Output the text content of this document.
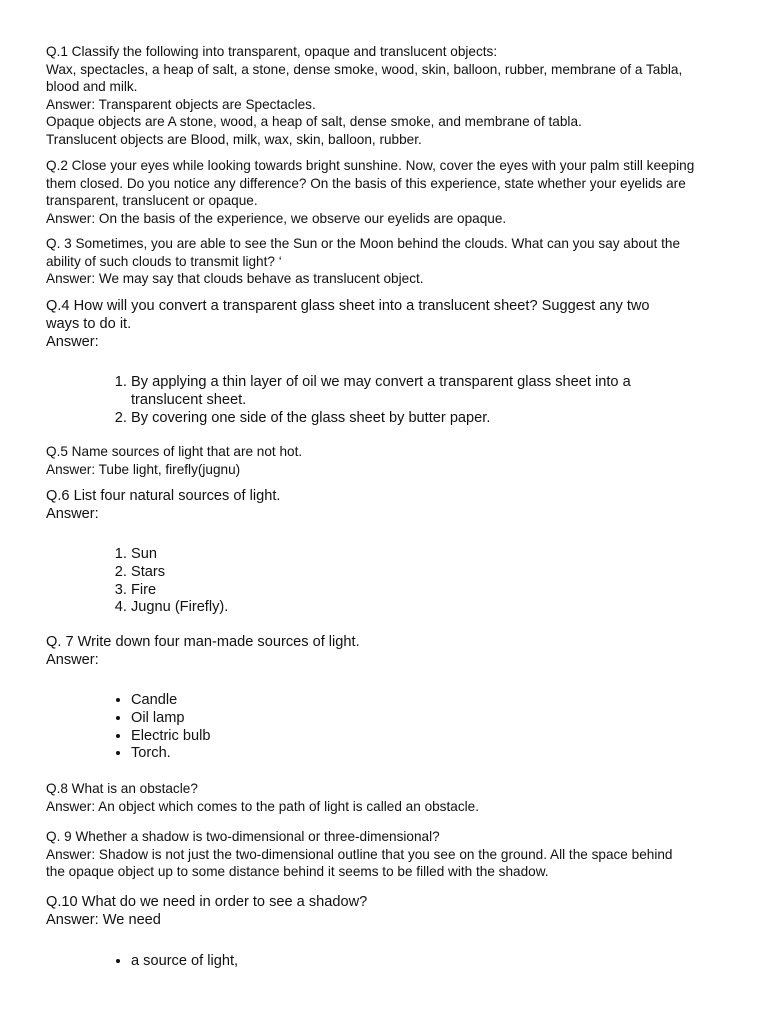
Q.1 Classify the following into transparent, opaque and translucent objects:
Wax, spectacles, a heap of salt, a stone, dense smoke, wood, skin, balloon, rubber, membrane of a Tabla,
blood and milk.
Answer: Transparent objects are Spectacles.
Opaque objects are A stone, wood, a heap of salt, dense smoke, and membrane of tabla.
Translucent objects are Blood, milk, wax, skin, balloon, rubber.
Q.2 Close your eyes while looking towards bright sunshine. Now, cover the eyes with your palm still keeping
them closed. Do you notice any difference? On the basis of this experience, state whether your eyelids are
transparent, translucent or opaque.
Answer: On the basis of the experience, we observe our eyelids are opaque.
Q. 3 Sometimes, you are able to see the Sun or the Moon behind the clouds. What can you say about the
ability of such clouds to transmit light? ‘
Answer: We may say that clouds behave as translucent object.
Q.4 How will you convert a transparent glass sheet into a translucent sheet? Suggest any two
ways to do it.
Answer:
1. By applying a thin layer of oil we may convert a transparent glass sheet into a translucent sheet.
2. By covering one side of the glass sheet by butter paper.
Q.5 Name sources of light that are not hot.
Answer: Tube light, firefly(jugnu)
Q.6 List four natural sources of light.
Answer:
1. Sun
2. Stars
3. Fire
4. Jugnu (Firefly).
Q. 7 Write down four man-made sources of light.
Answer:
• Candle
• Oil lamp
• Electric bulb
• Torch.
Q.8 What is an obstacle?
Answer: An object which comes to the path of light is called an obstacle.
Q. 9 Whether a shadow is two-dimensional or three-dimensional?
Answer: Shadow is not just the two-dimensional outline that you see on the ground. All the space behind
the opaque object up to some distance behind it seems to be filled with the shadow.
Q.10 What do we need in order to see a shadow?
Answer: We need
• a source of light,
